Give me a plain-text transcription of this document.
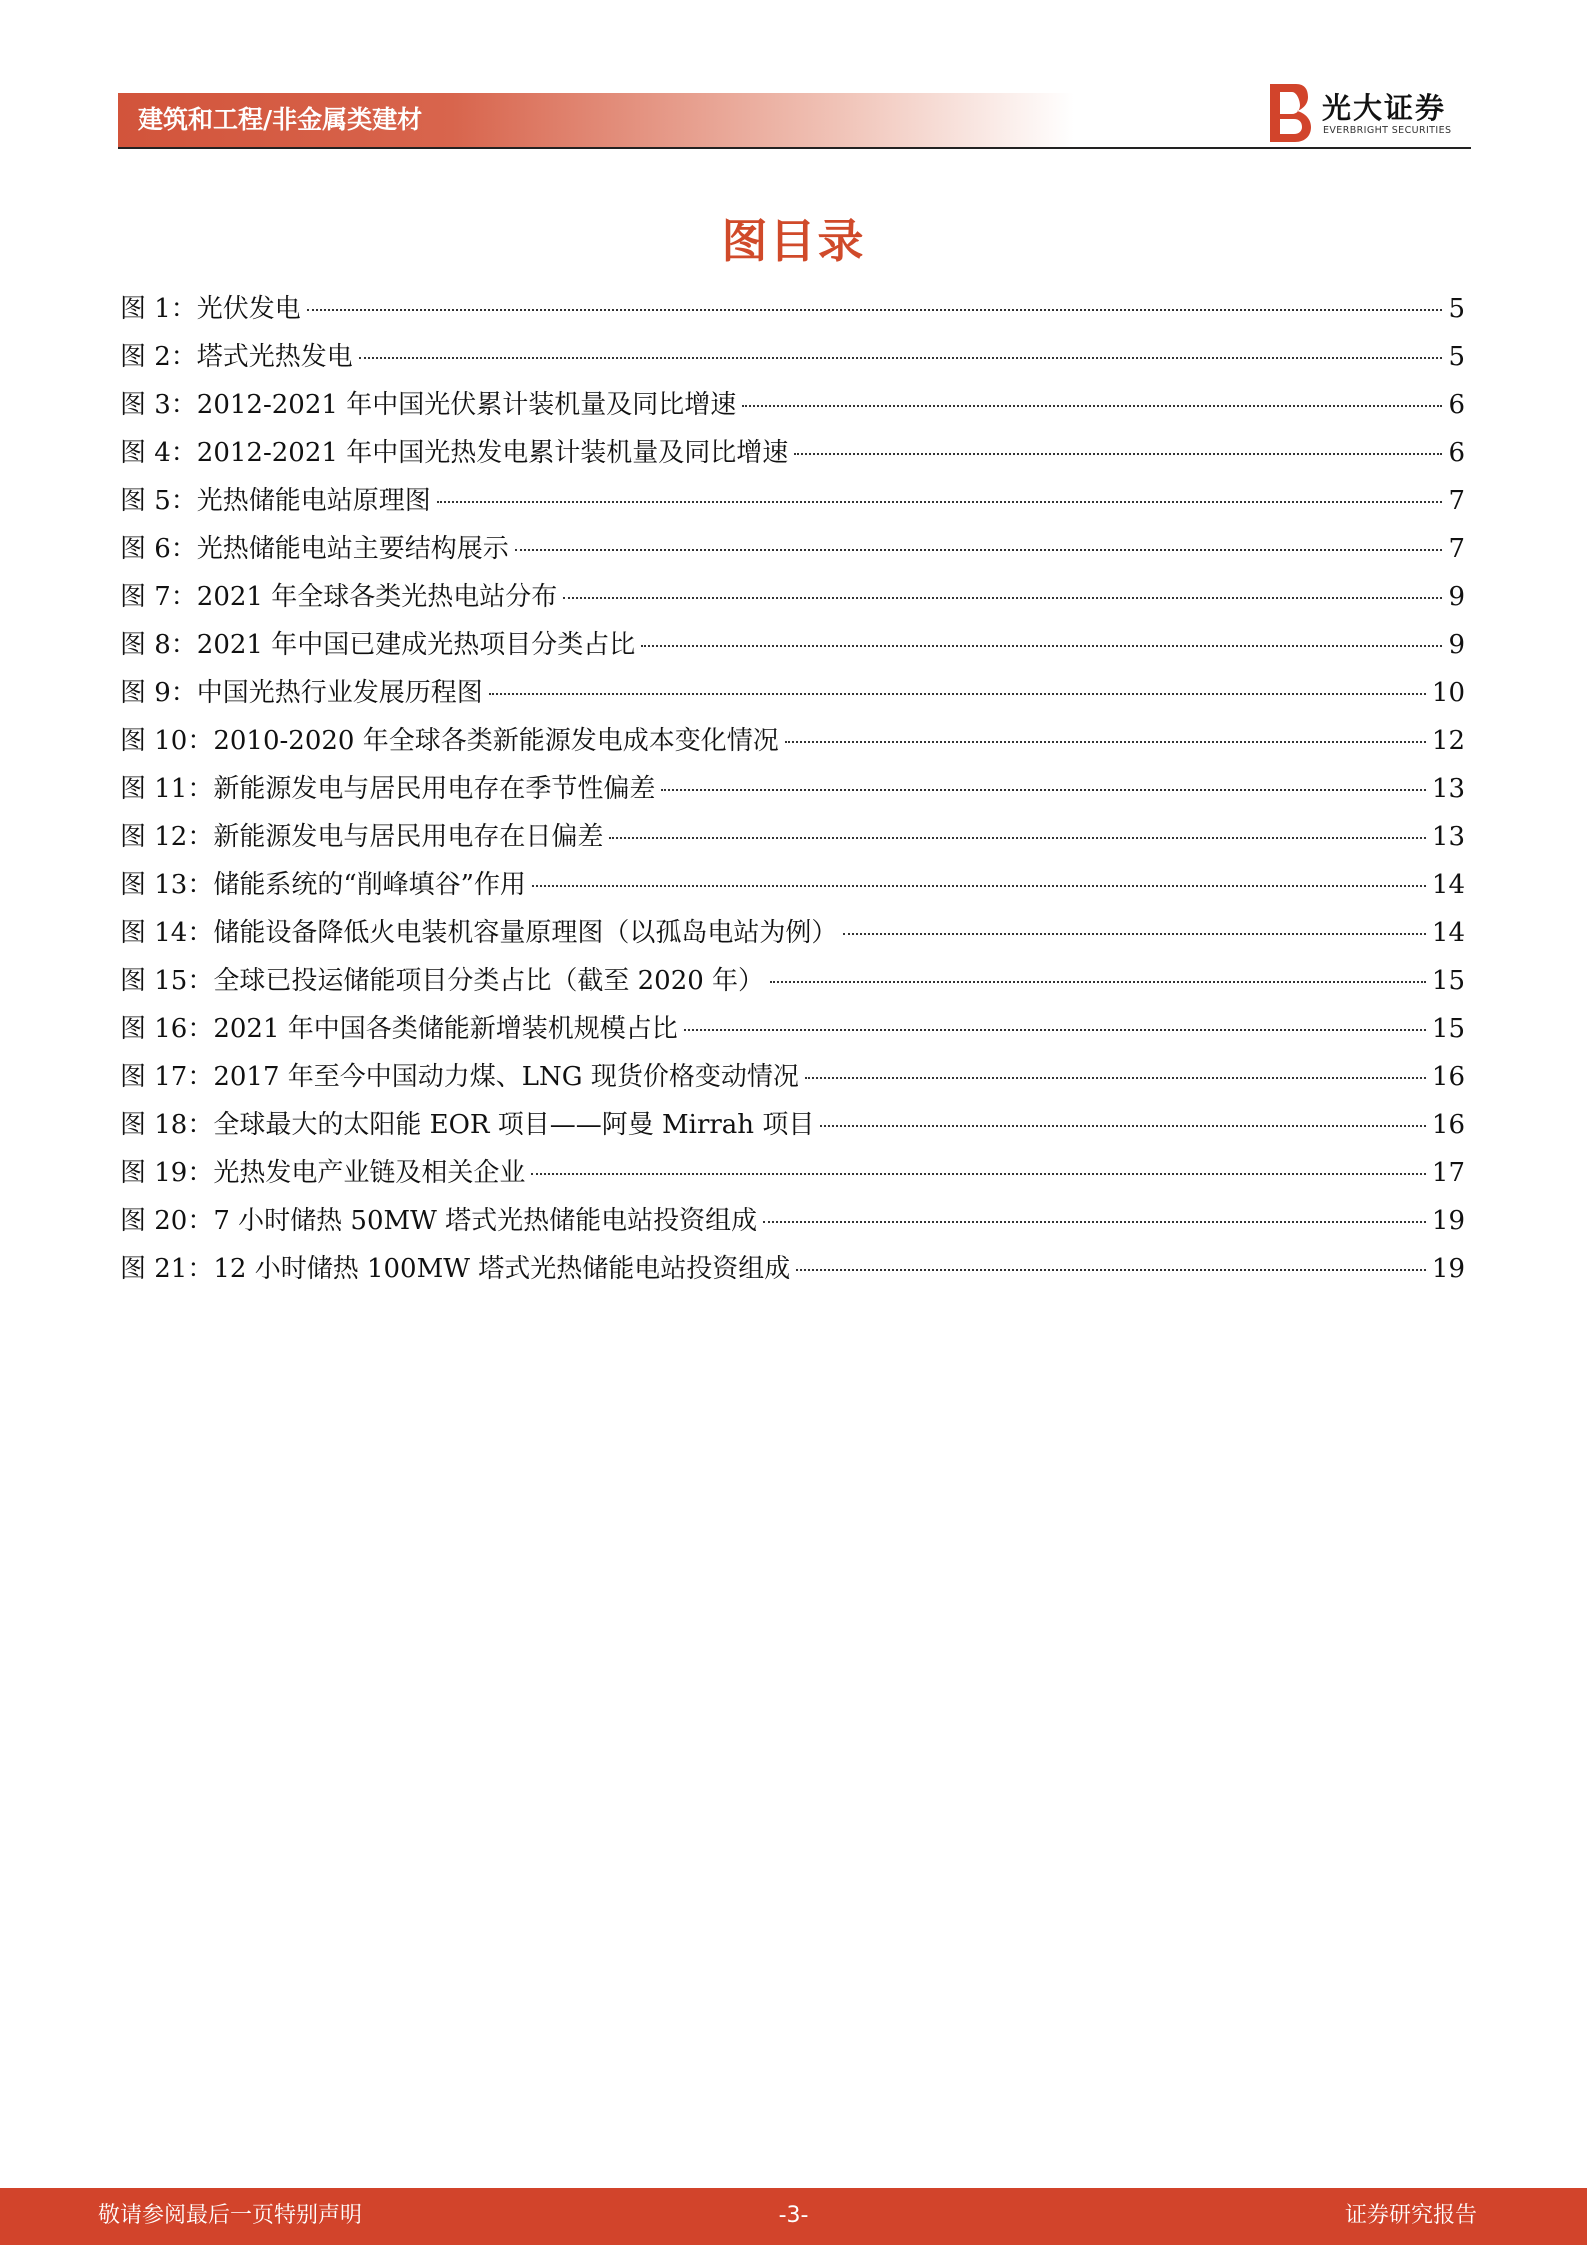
建筑和工程/非金属类建材	光大证券
EVERBRIGHT SECURITIES
图目录
图 1：光伏发电	5
图 2：塔式光热发电	5
图 3：2012-2021 年中国光伏累计装机量及同比增速	6
图 4：2012-2021 年中国光热发电累计装机量及同比增速	6
图 5：光热储能电站原理图	7
图 6：光热储能电站主要结构展示	7
图 7：2021 年全球各类光热电站分布	9
图 8：2021 年中国已建成光热项目分类占比	9
图 9：中国光热行业发展历程图	10
图 10：2010-2020 年全球各类新能源发电成本变化情况	12
图 11：新能源发电与居民用电存在季节性偏差	13
图 12：新能源发电与居民用电存在日偏差	13
图 13：储能系统的“削峰填谷”作用	14
图 14：储能设备降低火电装机容量原理图（以孤岛电站为例）	14
图 15：全球已投运储能项目分类占比（截至 2020 年）	15
图 16：2021 年中国各类储能新增装机规模占比	15
图 17：2017 年至今中国动力煤、LNG 现货价格变动情况	16
图 18：全球最大的太阳能 EOR 项目——阿曼 Mirrah 项目	16
图 19：光热发电产业链及相关企业	17
图 20：7 小时储热 50MW 塔式光热储能电站投资组成	19
图 21：12 小时储热 100MW 塔式光热储能电站投资组成	19
敬请参阅最后一页特别声明	-3-	证券研究报告
